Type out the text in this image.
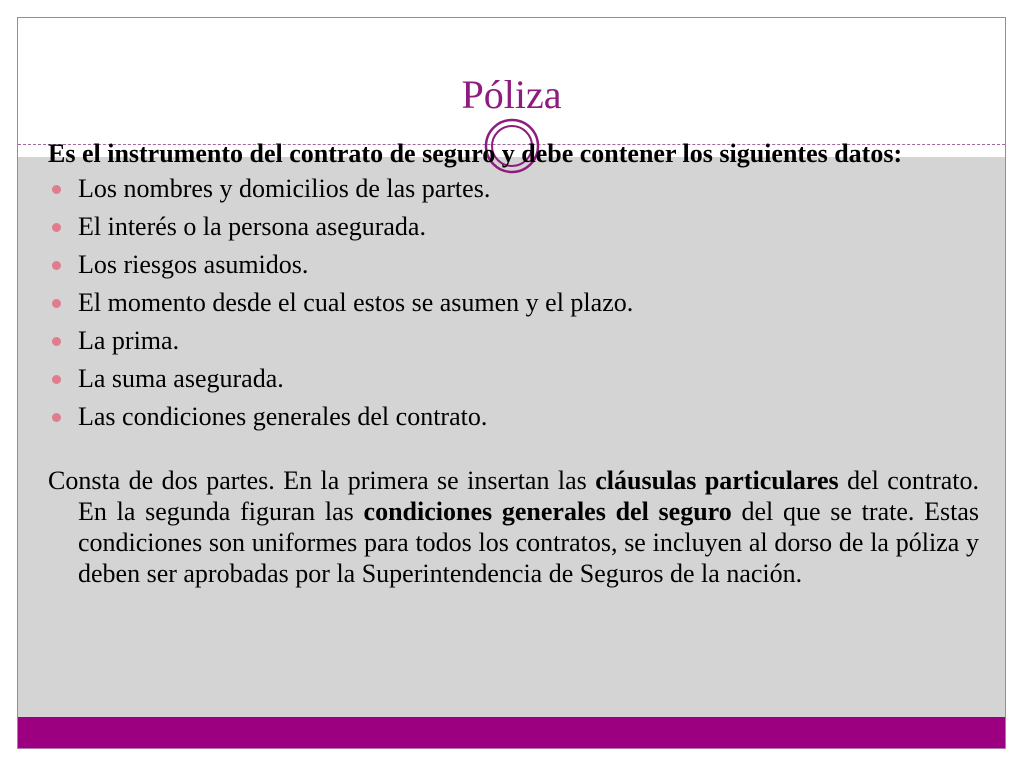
Póliza

Es el instrumento del contrato de seguro y debe contener los siguientes datos:

Los nombres y domicilios de las partes.
El interés o la persona asegurada.
Los riesgos asumidos.
El momento desde el cual estos se asumen y el plazo.
La prima.
La suma asegurada.
Las condiciones generales del contrato.

Consta de dos partes. En la primera se insertan las cláusulas particulares del contrato. En la segunda figuran las condiciones generales del seguro del que se trate. Estas condiciones son uniformes para todos los contratos, se incluyen al dorso de la póliza y deben ser aprobadas por la Superintendencia de Seguros de la nación.
